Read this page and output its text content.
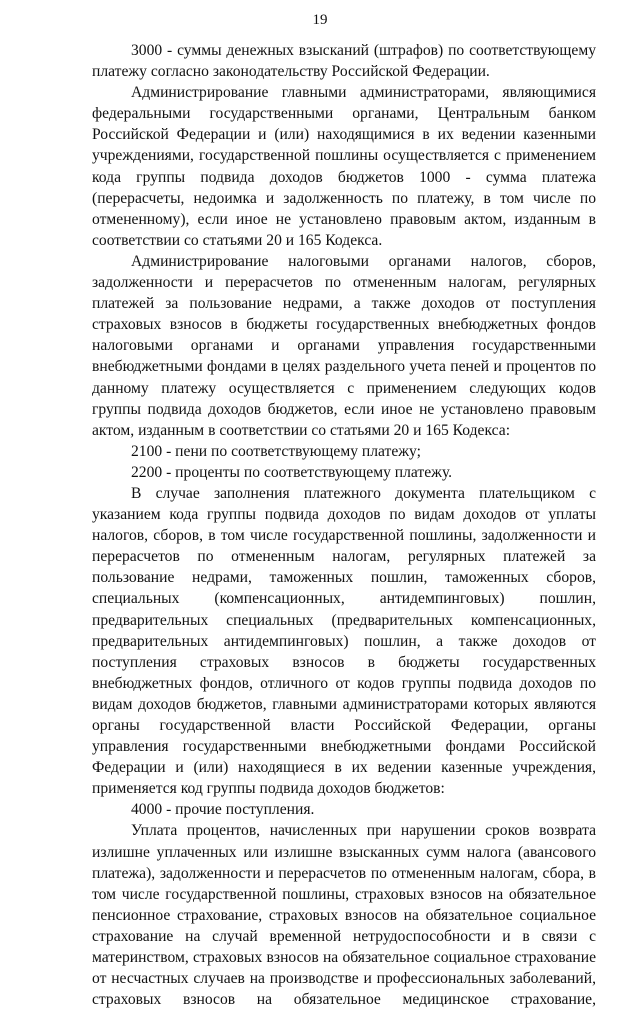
19

3000 - суммы денежных взысканий (штрафов) по соответствующему платежу согласно законодательству Российской Федерации.

Администрирование главными администраторами, являющимися федеральными государственными органами, Центральным банком Российской Федерации и (или) находящимися в их ведении казенными учреждениями, государственной пошлины осуществляется с применением кода группы подвида доходов бюджетов 1000 - сумма платежа (перерасчеты, недоимка и задолженность по платежу, в том числе по отмененному), если иное не установлено правовым актом, изданным в соответствии со статьями 20 и 165 Кодекса.

Администрирование налоговыми органами налогов, сборов, задолженности и перерасчетов по отмененным налогам, регулярных платежей за пользование недрами, а также доходов от поступления страховых взносов в бюджеты государственных внебюджетных фондов налоговыми органами и органами управления государственными внебюджетными фондами в целях раздельного учета пеней и процентов по данному платежу осуществляется с применением следующих кодов группы подвида доходов бюджетов, если иное не установлено правовым актом, изданным в соответствии со статьями 20 и 165 Кодекса:

2100 - пени по соответствующему платежу;

2200 - проценты по соответствующему платежу.

В случае заполнения платежного документа плательщиком с указанием кода группы подвида доходов по видам доходов от уплаты налогов, сборов, в том числе государственной пошлины, задолженности и перерасчетов по отмененным налогам, регулярных платежей за пользование недрами, таможенных пошлин, таможенных сборов, специальных (компенсационных, антидемпинговых) пошлин, предварительных специальных (предварительных компенсационных, предварительных антидемпинговых) пошлин, а также доходов от поступления страховых взносов в бюджеты государственных внебюджетных фондов, отличного от кодов группы подвида доходов по видам доходов бюджетов, главными администраторами которых являются органы государственной власти Российской Федерации, органы управления государственными внебюджетными фондами Российской Федерации и (или) находящиеся в их ведении казенные учреждения, применяется код группы подвида доходов бюджетов:

4000 - прочие поступления.

Уплата процентов, начисленных при нарушении сроков возврата излишне уплаченных или излишне взысканных сумм налога (авансового платежа), задолженности и перерасчетов по отмененным налогам, сбора, в том числе государственной пошлины, страховых взносов на обязательное пенсионное страхование, страховых взносов на обязательное социальное страхование на случай временной нетрудоспособности и в связи с материнством, страховых взносов на обязательное социальное страхование от несчастных случаев на производстве и профессиональных заболеваний, страховых взносов на обязательное медицинское страхование,
